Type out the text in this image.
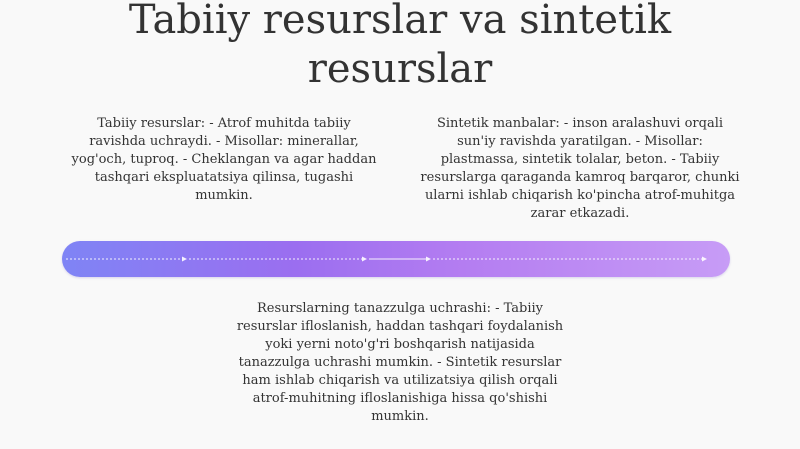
Tabiiy resurslar va sintetik resurslar
Tabiiy resurslar: - Atrof muhitda tabiiy ravishda uchraydi. - Misollar: minerallar, yog'och, tuproq. - Cheklangan va agar haddan tashqari ekspluatatsiya qilinsa, tugashi mumkin.
Sintetik manbalar: - inson aralashuvi orqali sun'iy ravishda yaratilgan. - Misollar: plastmassa, sintetik tolalar, beton. - Tabiiy resurslarga qaraganda kamroq barqaror, chunki ularni ishlab chiqarish ko'pincha atrof-muhitga zarar etkazadi.
Resurslarning tanazzulga uchrashi: - Tabiiy resurslar ifloslanish, haddan tashqari foydalanish yoki yerni noto'g'ri boshqarish natijasida tanazzulga uchrashi mumkin. - Sintetik resurslar ham ishlab chiqarish va utilizatsiya qilish orqali atrof-muhitning ifloslanishiga hissa qo'shishi mumkin.
